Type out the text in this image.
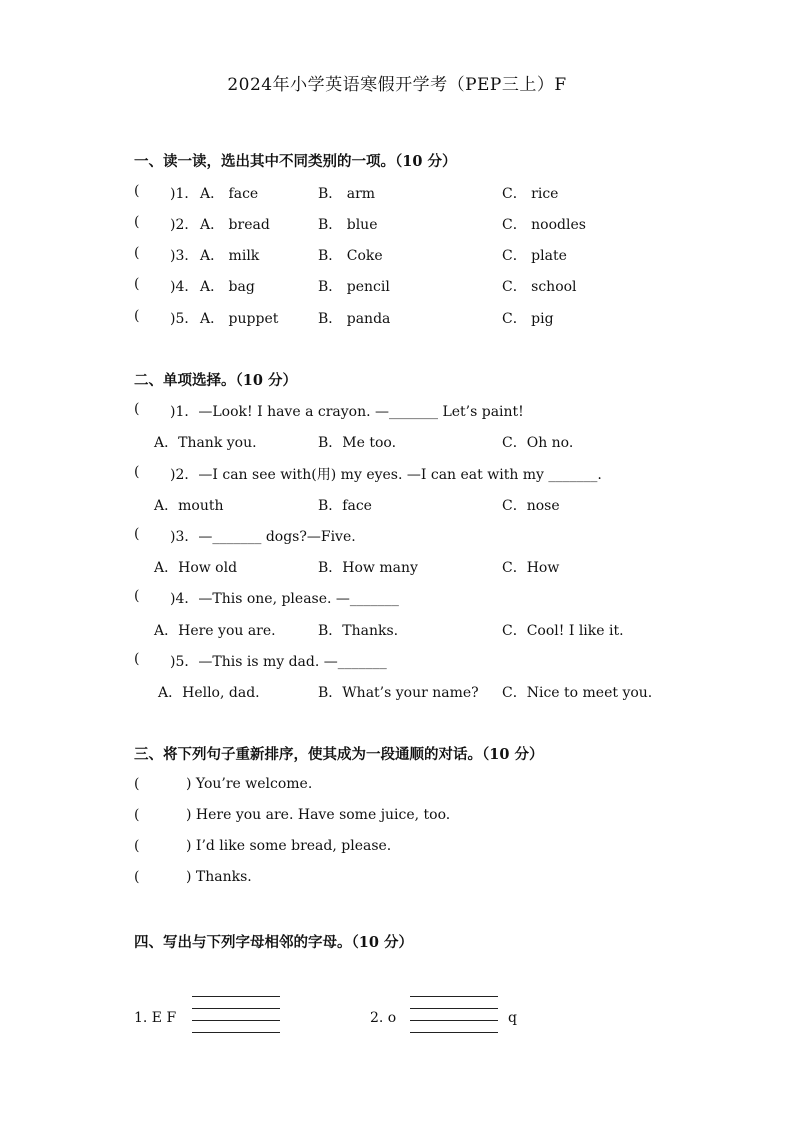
2024年小学英语寒假开学考（PEP三上）F
一、读一读，选出其中不同类别的一项。（10 分）
( )1． A． face	B． arm	C． rice
( )2． A． bread	B． blue	C． noodles
( )3． A． milk	B． Coke	C． plate
( )4． A． bag	B． pencil	C． school
( )5． A． puppet	B． panda	C． pig
二、单项选择。（10 分）
( )1．—Look! I have a crayon. —_______ Let’s paint!
A．Thank you.	B．Me too.	C．Oh no.
( )2．—I can see with(用) my eyes. —I can eat with my _______.
A．mouth	B．face	C．nose
( )3．—_______ dogs?—Five.
A．How old	B．How many	C．How
( )4．—This one, please. —_______
A．Here you are.	B．Thanks.	C．Cool! I like it.
( )5．—This is my dad. —_______
A．Hello, dad.	B．What’s your name? C．Nice to meet you.
三、将下列句子重新排序，使其成为一段通顺的对话。（10 分）
(	) You’re welcome.
(	) Here you are. Have some juice, too.
(	) I’d like some bread, please.
(	) Thanks.
四、写出与下列字母相邻的字母。（10 分）
1. E F	2. o	q
